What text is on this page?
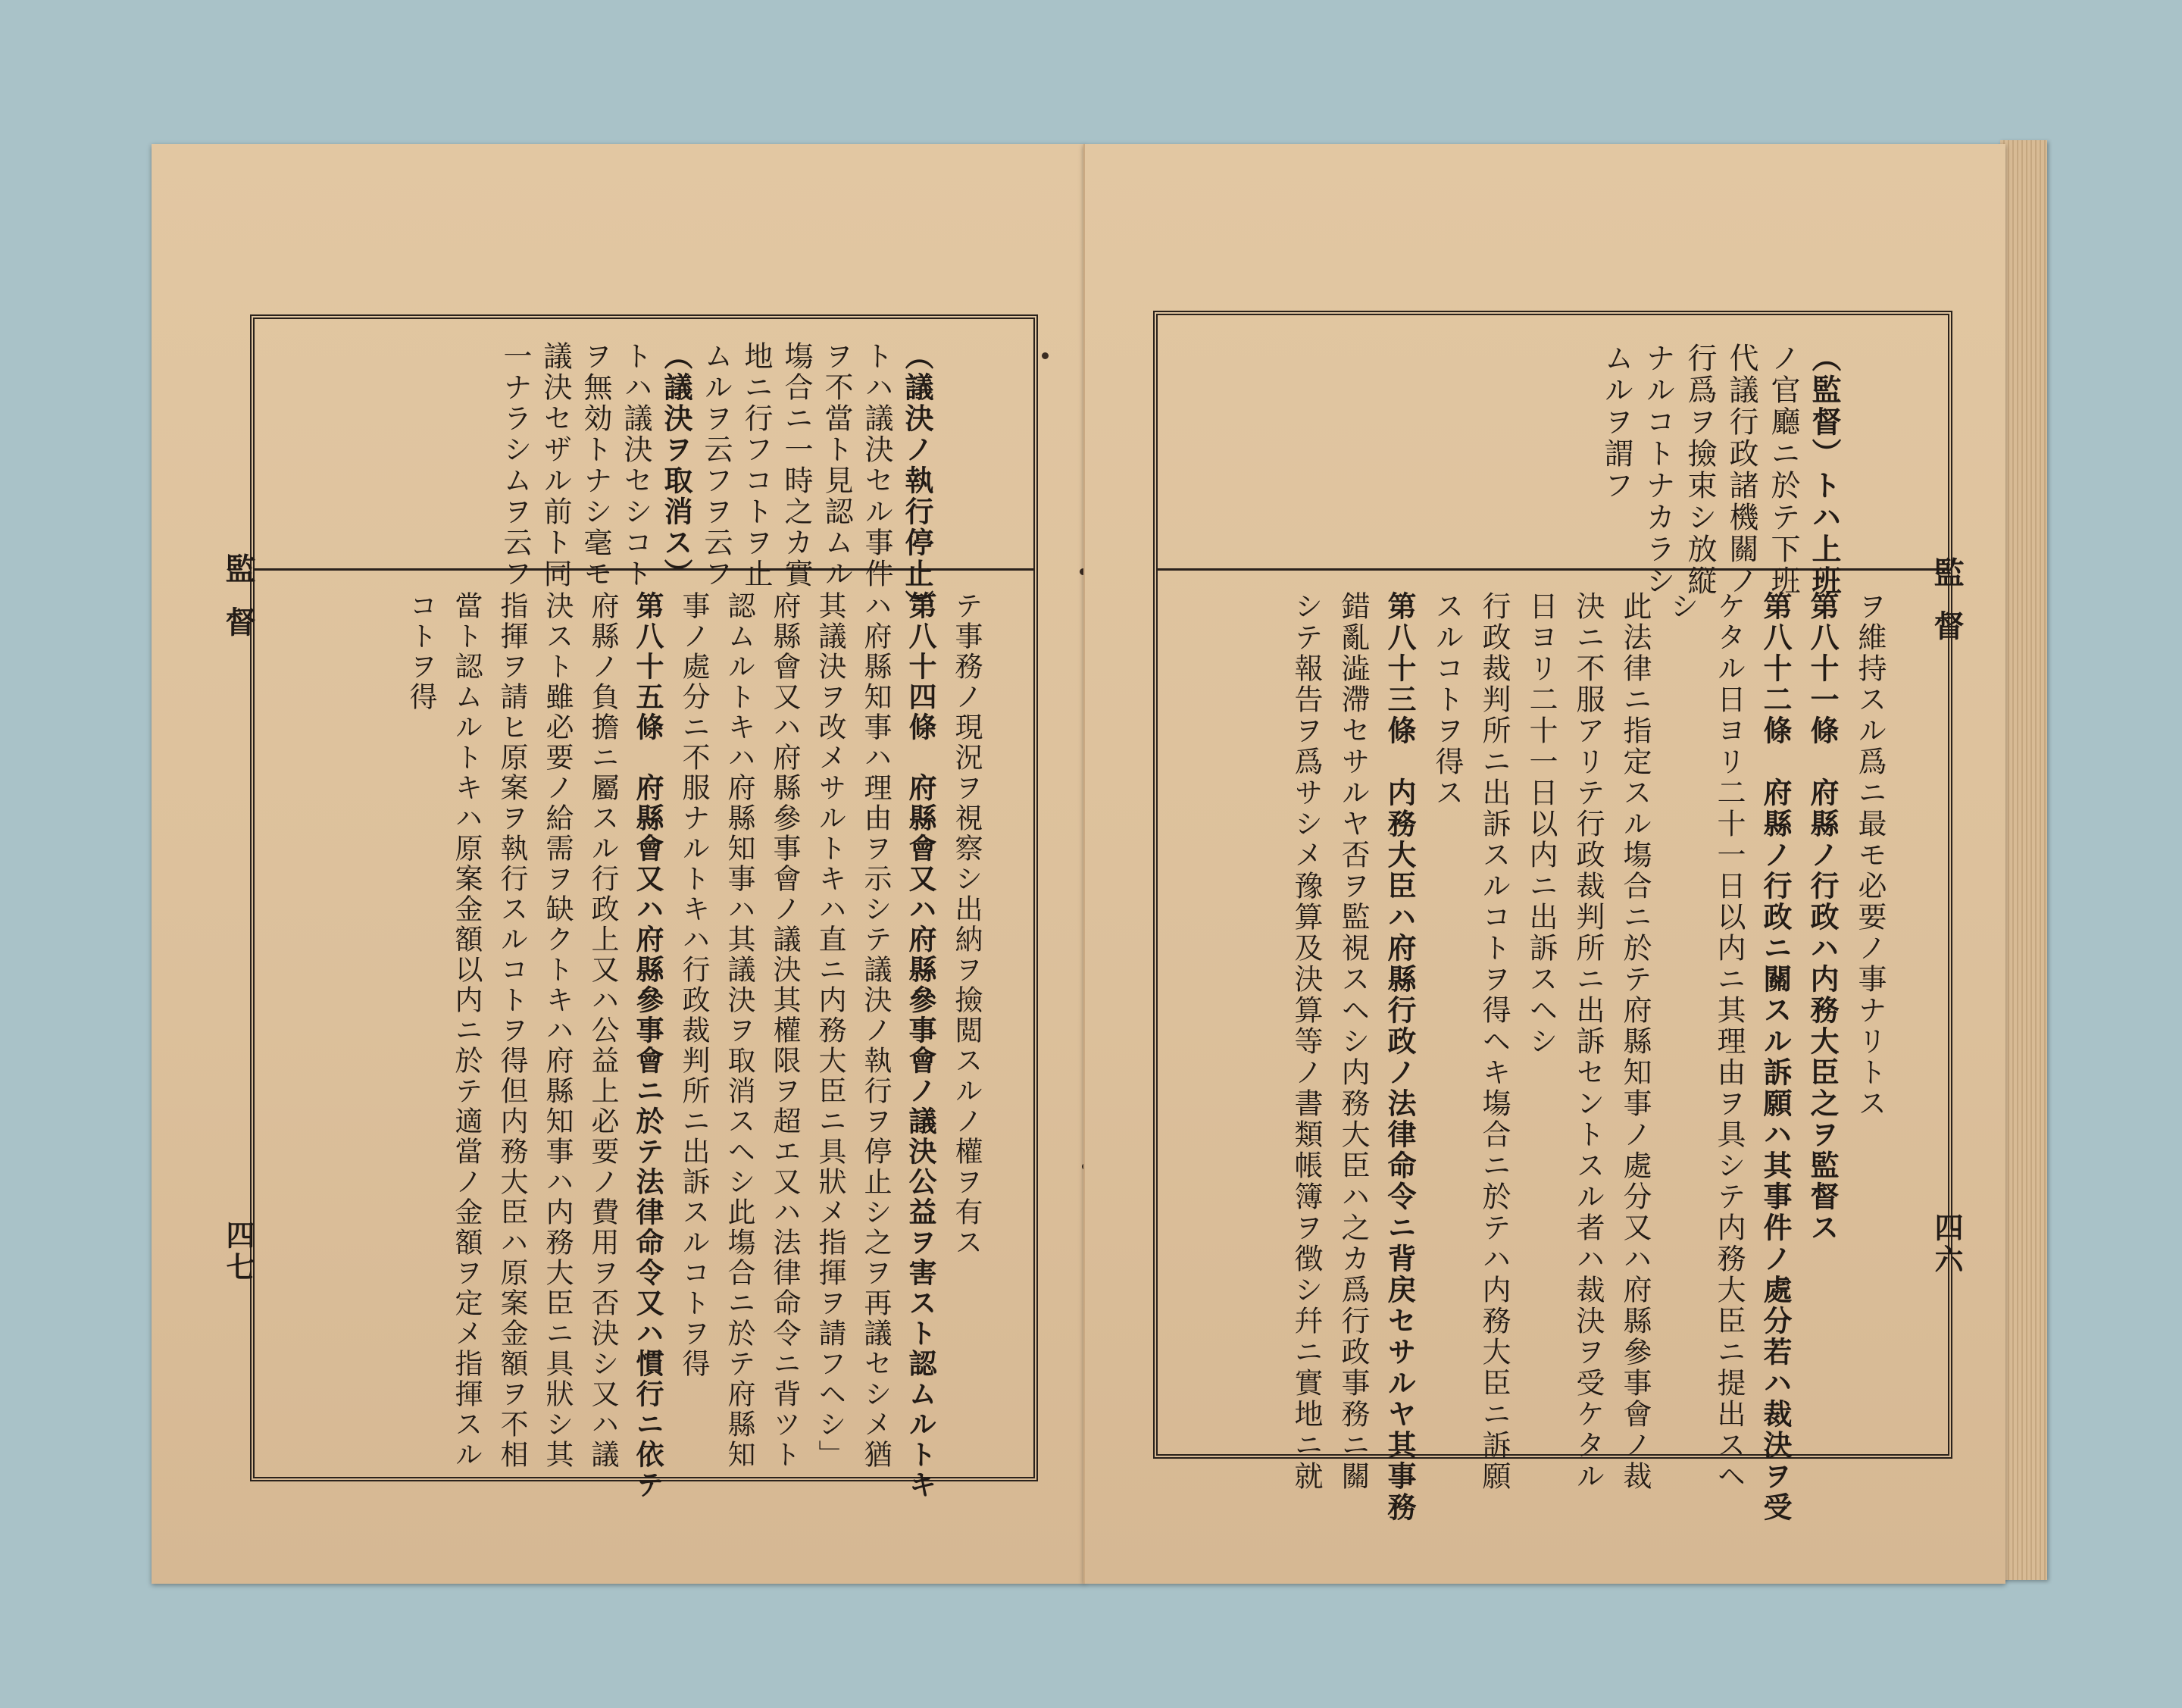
監督
四七
（議決ノ執行停止）
トハ議決セル事件
ヲ不當ト見認ムル
塲合ニ一時之カ實
地ニ行フコトヲ止
ムルヲ云フヲ云フ
（議決ヲ取消ス）
トハ議決セシコト
ヲ無効トナシ毫モ
議決セザル前ト同
一ナラシムヲ云フ
テ事務ノ現況ヲ視察シ出納ヲ撿閲スルノ權ヲ有ス
第八十四條　府縣會又ハ府縣參事會ノ議決公益ヲ害スト認ムルトキ
ハ府縣知事ハ理由ヲ示シテ議決ノ執行ヲ停止シ之ヲ再議セシメ猶
其議決ヲ改メサルトキハ直ニ内務大臣ニ具狀メ指揮ヲ請フヘシ」
府縣會又ハ府縣參事會ノ議決其權限ヲ超エ又ハ法律命令ニ背ツト
認ムルトキハ府縣知事ハ其議決ヲ取消スヘシ此塲合ニ於テ府縣知
事ノ處分ニ不服ナルトキハ行政裁判所ニ出訴スルコトヲ得
第八十五條　府縣會又ハ府縣參事會ニ於テ法律命令又ハ慣行ニ依テ
府縣ノ負擔ニ屬スル行政上又ハ公益上必要ノ費用ヲ否決シ又ハ議
決スト雖必要ノ給需ヲ缺クトキハ府縣知事ハ内務大臣ニ具狀シ其
指揮ヲ請ヒ原案ヲ執行スルコトヲ得但内務大臣ハ原案金額ヲ不相
當ト認ムルトキハ原案金額以内ニ於テ適當ノ金額ヲ定メ指揮スル
コトヲ得	監督
四六
（監督）トハ上班
ノ官廳ニ於テ下班
代議行政諸機關ノ
行爲ヲ撿束シ放縦
ナルコトナカラシ
ムルヲ謂フ
ヲ維持スル爲ニ最モ必要ノ事ナリトス
第八十一條　府縣ノ行政ハ内務大臣之ヲ監督ス
第八十二條　府縣ノ行政ニ關スル訴願ハ其事件ノ處分若ハ裁決ヲ受
ケタル日ヨリ二十一日以内ニ其理由ヲ具シテ内務大臣ニ提出スヘ
シ
此法律ニ指定スル塲合ニ於テ府縣知事ノ處分又ハ府縣參事會ノ裁
決ニ不服アリテ行政裁判所ニ出訴セントスル者ハ裁決ヲ受ケタル
日ヨリ二十一日以内ニ出訴スヘシ
行政裁判所ニ出訴スルコトヲ得ヘキ塲合ニ於テハ内務大臣ニ訴願
スルコトヲ得ス
第八十三條　内務大臣ハ府縣行政ノ法律命令ニ背戻セサルヤ其事務
錯亂澁滯セサルヤ否ヲ監視スヘシ内務大臣ハ之カ爲行政事務ニ關
シテ報告ヲ爲サシメ豫算及決算等ノ書類帳簿ヲ徴シ幷ニ實地ニ就
